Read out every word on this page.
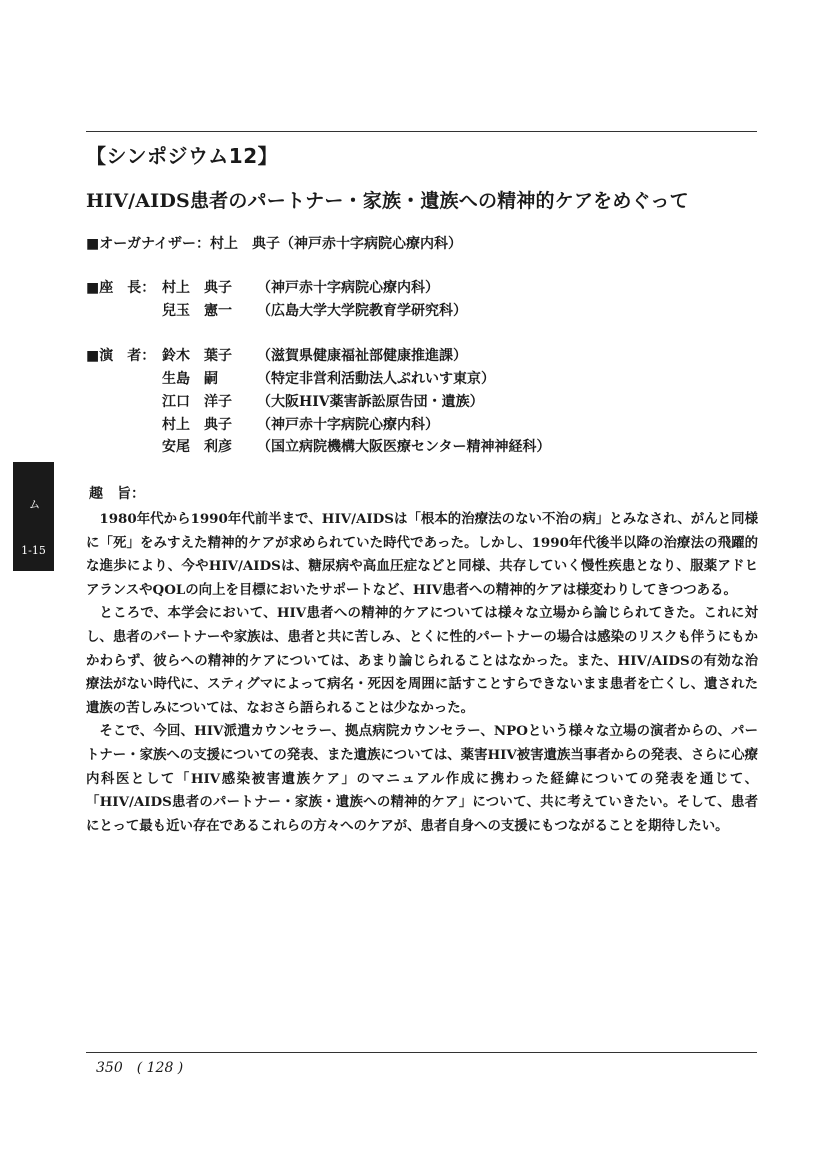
【シンポジウム12】
HIV/AIDS患者のパートナー・家族・遺族への精神的ケアをめぐって
■オーガナイザー：村上　典子（神戸赤十字病院心療内科）
■座　長： 村上　典子 （神戸赤十字病院心療内科）
兒玉　憲一 （広島大学大学院教育学研究科）
■演　者： 鈴木　葉子 （滋賀県健康福祉部健康推進課）
生島　嗣	（特定非営利活動法人ぷれいす東京）
江口　洋子 （大阪HIV薬害訴訟原告団・遺族）
村上　典子 （神戸赤十字病院心療内科）
安尾　利彦 （国立病院機構大阪医療センター精神神経科）
シンポジウム
1-15
趣　旨：

1980年代から1990年代前半まで、HIV/AIDSは「根本的治療法のない不治の病」とみなされ、がんと同様に「死」をみすえた精神的ケアが求められていた時代であった。しかし、1990年代後半以降の治療法の飛躍的な進歩により、今やHIV/AIDSは、糖尿病や高血圧症などと同様、共存していく慢性疾患となり、服薬アドヒアランスやQOLの向上を目標においたサポートなど、HIV患者への精神的ケアは様変わりしてきつつある。

ところで、本学会において、HIV患者への精神的ケアについては様々な立場から論じられてきた。これに対し、患者のパートナーや家族は、患者と共に苦しみ、とくに性的パートナーの場合は感染のリスクも伴うにもかかわらず、彼らへの精神的ケアについては、あまり論じられることはなかった。また、HIV/AIDSの有効な治療法がない時代に、スティグマによって病名・死因を周囲に話すことすらできないまま患者を亡くし、遺された遺族の苦しみについては、なおさら語られることは少なかった。

そこで、今回、HIV派遣カウンセラー、拠点病院カウンセラー、NPOという様々な立場の演者からの、パートナー・家族への支援についての発表、また遺族については、薬害HIV被害遺族当事者からの発表、さらに心療内科医として「HIV感染被害遺族ケア」のマニュアル作成に携わった経緯についての発表を通じて、「HIV/AIDS患者のパートナー・家族・遺族への精神的ケア」について、共に考えていきたい。そして、患者にとって最も近い存在であるこれらの方々へのケアが、患者自身への支援にもつながることを期待したい。

350　( 128 )
